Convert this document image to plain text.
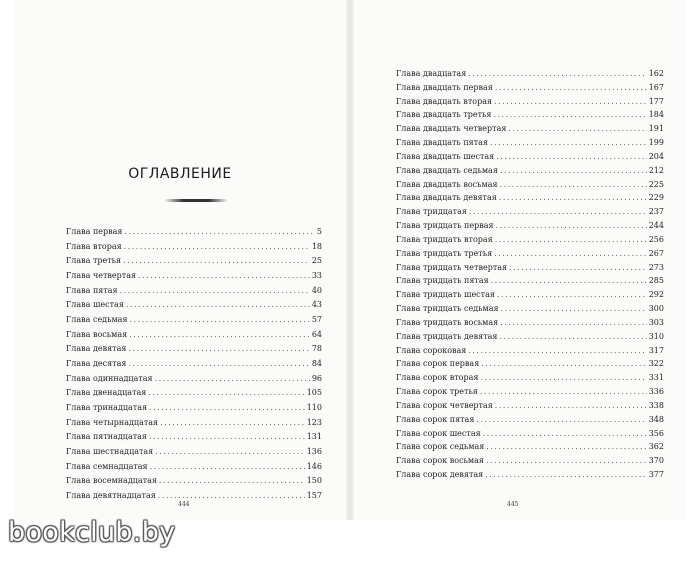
ОГЛАВЛЕНИЕ
Глава первая .....	5
Глава вторая .....	18
Глава третья .....	25
Глава четвертая .....	33
Глава пятая .....	40
Глава шестая .....	43
Глава седьмая .....	57
Глава восьмая .....	64
Глава девятая .....	78
Глава десятая .....	84
Глава одиннадцатая .....	96
Глава двенадцатая .....	105
Глава тринадцатая .....	110
Глава четырнадцатая .....	123
Глава пятнадцатая .....	131
Глава шестнадцатая .....	136
Глава семнадцатая .....	146
Глава восемнадцатая .....	150
Глава девятнадцатая .....	157
444
Глава двадцатая .....	162
Глава двадцать первая .....	167
Глава двадцать вторая .....	177
Глава двадцать третья .....	184
Глава двадцать четвертая .....	191
Глава двадцать пятая .....	199
Глава двадцать шестая .....	204
Глава двадцать седьмая .....	212
Глава двадцать восьмая .....	225
Глава двадцать девятая .....	229
Глава тридцатая .....	237
Глава тридцать первая .....	244
Глава тридцать вторая .....	256
Глава тридцать третья .....	267
Глава тридцать четвертая .....	273
Глава тридцать пятая .....	285
Глава тридцать шестая .....	292
Глава тридцать седьмая .....	300
Глава тридцать восьмая .....	303
Глава тридцать девятая .....	310
Глава сороковая .....	317
Глава сорок первая .....	322
Глава сорок вторая .....	331
Глава сорок третья .....	336
Глава сорок четвертая .....	338
Глава сорок пятая .....	348
Глава сорок шестая .....	356
Глава сорок седьмая .....	362
Глава сорок восьмая .....	370
Глава сорок девятая .....	377
445
bookclub.by
